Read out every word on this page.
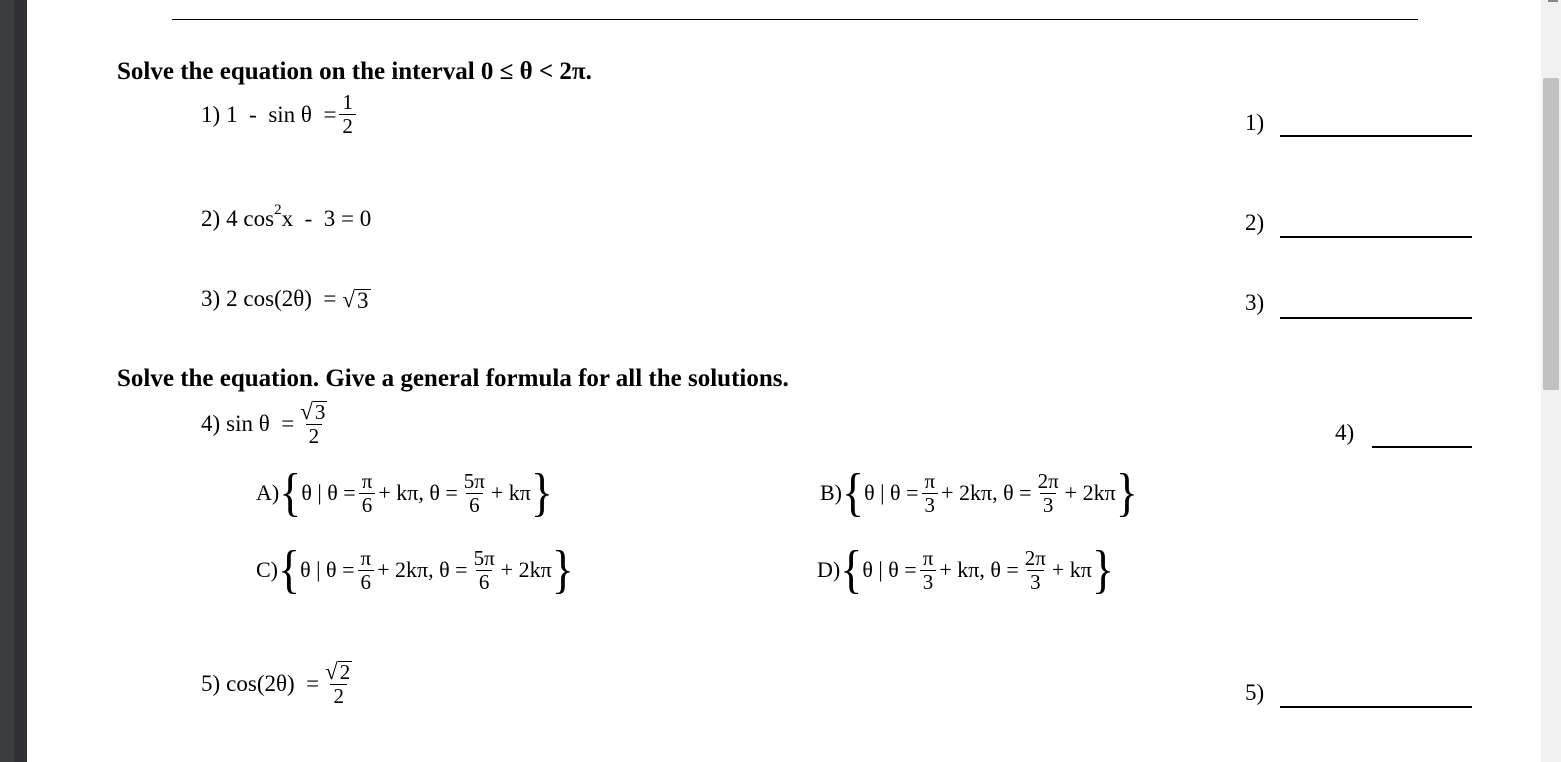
Solve the equation on the interval 0 ≤ θ < 2π.
1) $1 - \sin \theta = \frac{1}{2}$	1)
2) 4 cos 2 x  -  3 = 0	2)
3) 2 cos(2θ)  = √ 3	3)
Solve the equation. Give a general formula for all the solutions.
4) $\sin \theta = \frac{√ 3}{2}$	4)
A) { θ | $\theta = \frac{\pi}{6} + k\pi$, $\theta = \frac{5\pi}{6} + k\pi$ }	B) { θ | $\theta = \frac{\pi}{3} + 2k\pi$, $\theta = \frac{2\pi}{3} + 2k\pi$ }
C) { θ | $\theta = \frac{\pi}{6} + 2k\pi$, $\theta = \frac{5\pi}{6} + 2k\pi$ }	D) { θ | $\theta = \frac{\pi}{3} + k\pi$, $\theta = \frac{2\pi}{3} + k\pi$ }
5) $\cos(2\theta) = \frac{√ 2}{2}$	5)
